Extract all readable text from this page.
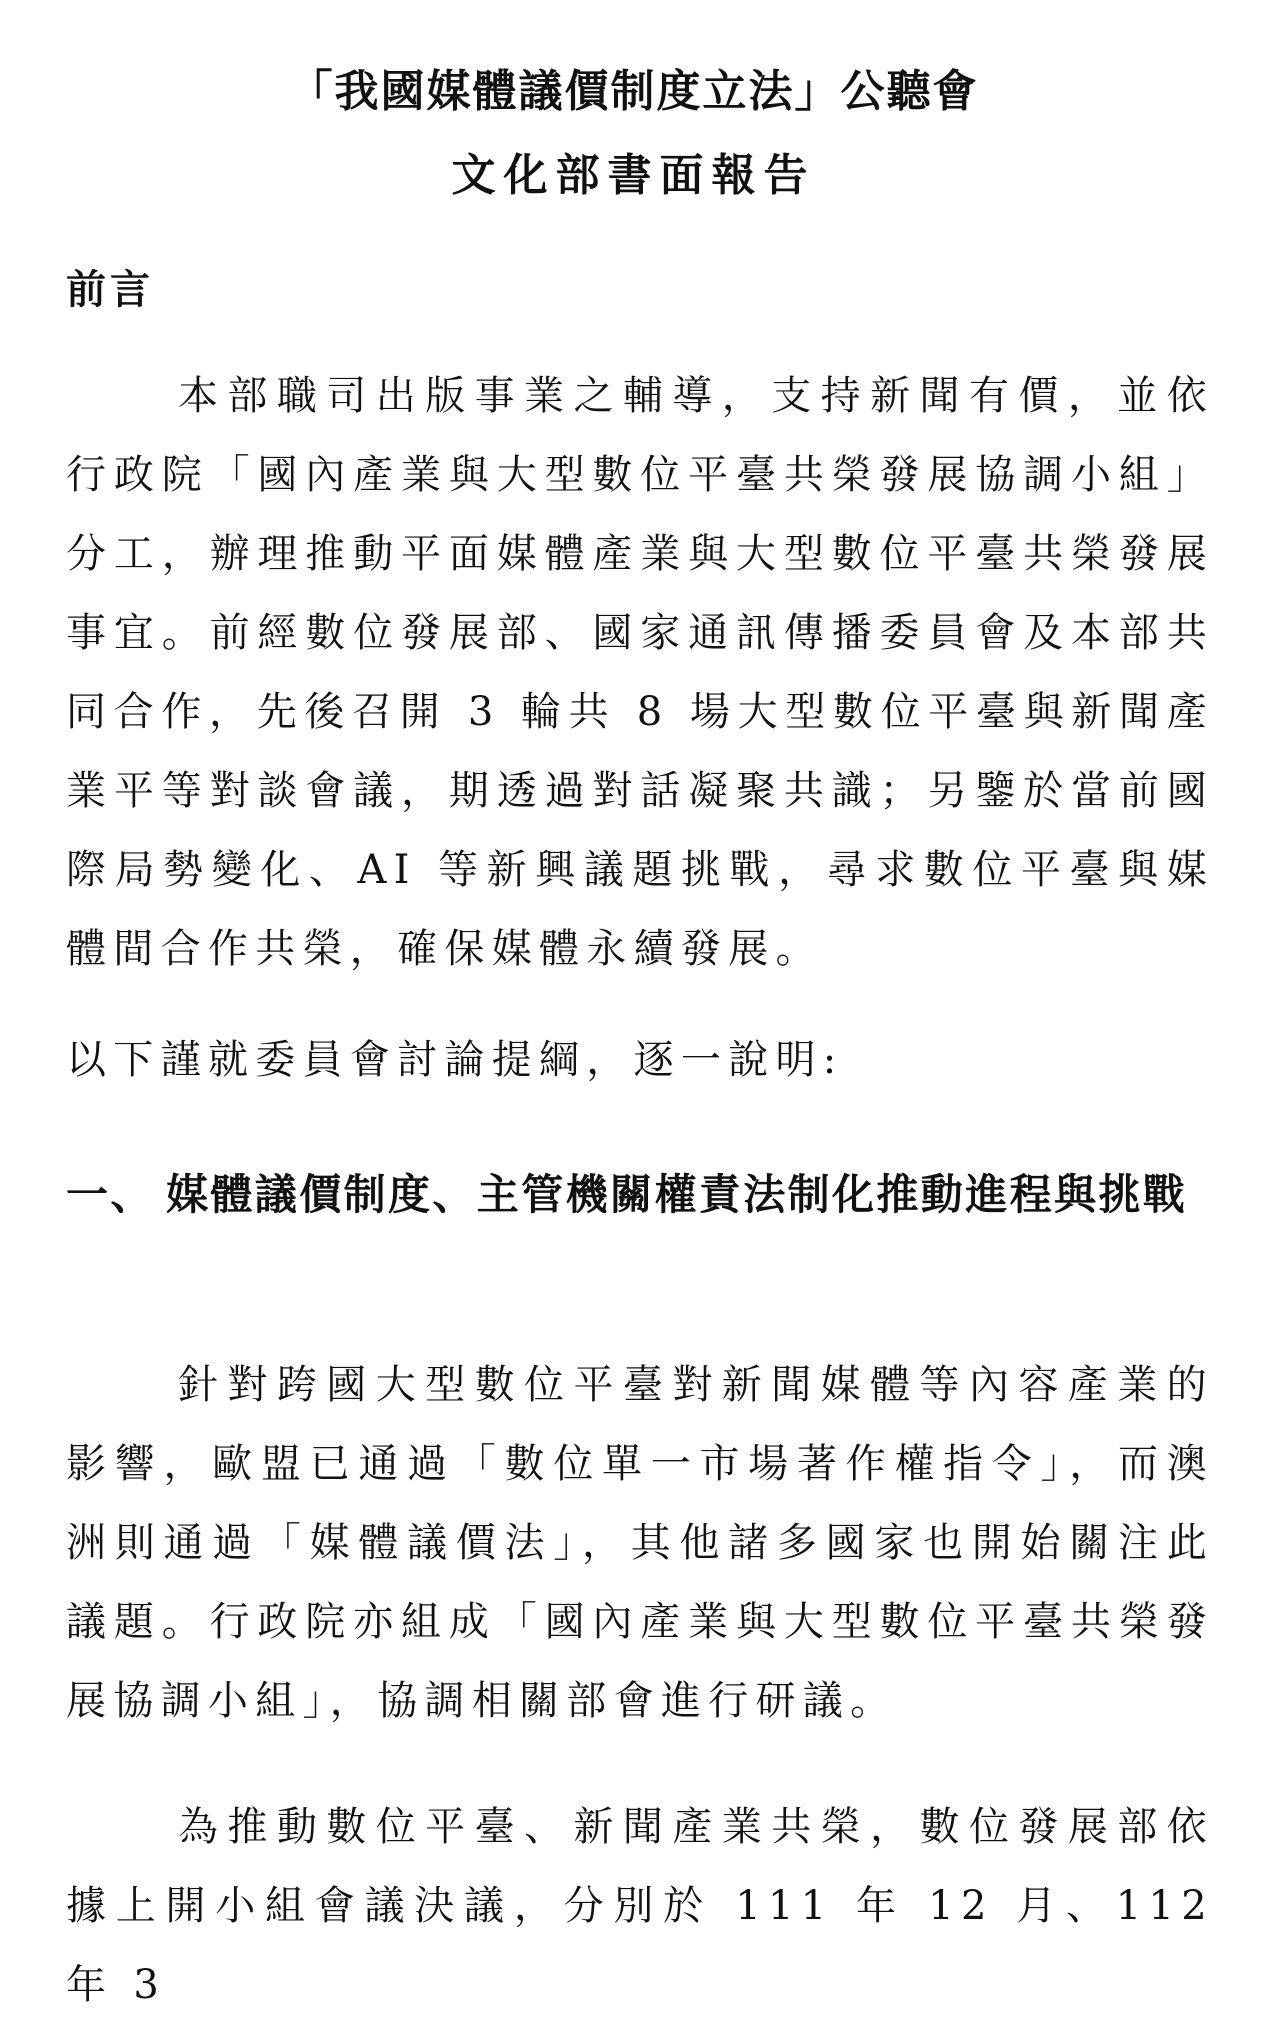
「我國媒體議價制度立法」公聽會
文化部書面報告
前言
本部職司出版事業之輔導，支持新聞有價，並依行政院「國內產業與大型數位平臺共榮發展協調小組」分工，辦理推動平面媒體產業與大型數位平臺共榮發展事宜。前經數位發展部、國家通訊傳播委員會及本部共同合作，先後召開 3 輪共 8 場大型數位平臺與新聞產業平等對談會議，期透過對話凝聚共識；另鑒於當前國際局勢變化、AI 等新興議題挑戰，尋求數位平臺與媒體間合作共榮，確保媒體永續發展。
以下謹就委員會討論提綱，逐一說明:
一、 媒體議價制度、主管機關權責法制化推動進程與挑戰
針對跨國大型數位平臺對新聞媒體等內容產業的影響，歐盟已通過「數位單一市場著作權指令」，而澳洲則通過「媒體議價法」，其他諸多國家也開始關注此議題。行政院亦組成「國內產業與大型數位平臺共榮發展協調小組」，協調相關部會進行研議。
為推動數位平臺、新聞產業共榮，數位發展部依據上開小組會議決議，分別於 111 年 12 月、112 年 3
